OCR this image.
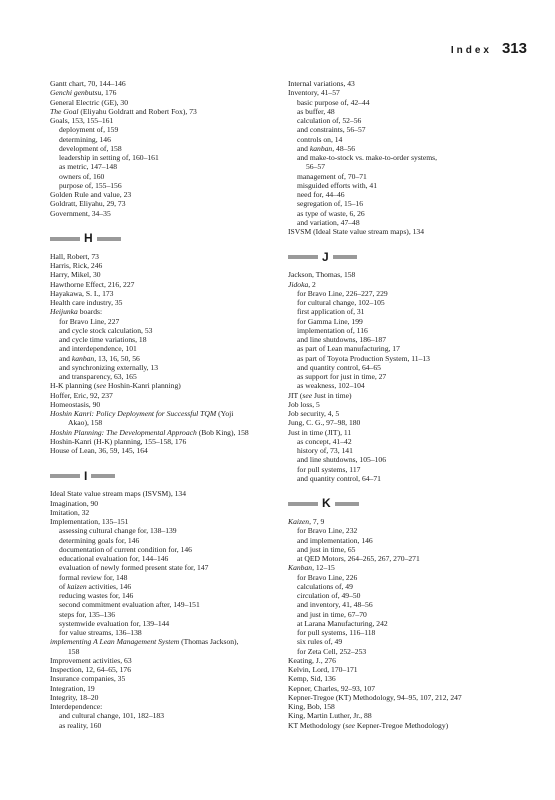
Index 313
Gantt chart, 70, 144–146
Genchi genbutsu, 176
General Electric (GE), 30
The Goal (Eliyahu Goldratt and Robert Fox), 73
Goals, 153, 155–161
deployment of, 159
determining, 146
development of, 158
leadership in setting of, 160–161
as metric, 147–148
owners of, 160
purpose of, 155–156
Golden Rule and value, 23
Goldratt, Eliyahu, 29, 73
Government, 34–35
H
Hall, Robert, 73
Harris, Rick, 246
Harry, Mikel, 30
Hawthorne Effect, 216, 227
Hayakawa, S. I., 173
Health care industry, 35
Heijunka boards:
for Bravo Line, 227
and cycle stock calculation, 53
and cycle time variations, 18
and interdependence, 101
and kanban, 13, 16, 50, 56
and synchronizing externally, 13
and transparency, 63, 165
H-K planning (see Hoshin-Kanri planning)
Hoffer, Eric, 92, 237
Homeostasis, 90
Hoshin Kanri: Policy Deployment for Successful TQM (Yoji
Akao), 158
Hoshin Planning: The Developmental Approach (Bob King), 158
Hoshin-Kanri (H-K) planning, 155–158, 176
House of Lean, 36, 59, 145, 164
I
Ideal State value stream maps (ISVSM), 134
Imagination, 90
Imitation, 32
Implementation, 135–151
assessing cultural change for, 138–139
determining goals for, 146
documentation of current condition for, 146
educational evaluation for, 144–146
evaluation of newly formed present state for, 147
formal review for, 148
of kaizen activities, 146
reducing wastes for, 146
second commitment evaluation after, 149–151
steps for, 135–136
systemwide evaluation for, 139–144
for value streams, 136–138
implementing A Lean Management System (Thomas Jackson),
158
Improvement activities, 63
Inspection, 12, 64–65, 176
Insurance companies, 35
Integration, 19
Integrity, 18–20
Interdependence:
and cultural change, 101, 182–183
as reality, 160
Internal variations, 43
Inventory, 41–57
basic purpose of, 42–44
as buffer, 48
calculation of, 52–56
and constraints, 56–57
controls on, 14
and kanban, 48–56
and make-to-stock vs. make-to-order systems,
56–57
management of, 70–71
misguided efforts with, 41
need for, 44–46
segregation of, 15–16
as type of waste, 6, 26
and variation, 47–48
ISVSM (Ideal State value stream maps), 134
J
Jackson, Thomas, 158
Jidoka, 2
for Bravo Line, 226–227, 229
for cultural change, 102–105
first application of, 31
for Gamma Line, 199
implementation of, 116
and line shutdowns, 186–187
as part of Lean manufacturing, 17
as part of Toyota Production System, 11–13
and quantity control, 64–65
as support for just in time, 27
as weakness, 102–104
JIT (see Just in time)
Job loss, 5
Job security, 4, 5
Jung, C. G., 97–98, 180
Just in time (JIT), 11
as concept, 41–42
history of, 73, 141
and line shutdowns, 105–106
for pull systems, 117
and quantity control, 64–71
K
Kaizen, 7, 9
for Bravo Line, 232
and implementation, 146
and just in time, 65
at QED Motors, 264–265, 267, 270–271
Kanban, 12–15
for Bravo Line, 226
calculations of, 49
circulation of, 49–50
and inventory, 41, 48–56
and just in time, 67–70
at Larana Manufacturing, 242
for pull systems, 116–118
six rules of, 49
for Zeta Cell, 252–253
Keating, J., 276
Kelvin, Lord, 170–171
Kemp, Sid, 136
Kepner, Charles, 92–93, 107
Kepner-Tregoe (KT) Methodology, 94–95, 107, 212, 247
King, Bob, 158
King, Martin Luther, Jr., 88
KT Methodology (see Kepner-Tregoe Methodology)
